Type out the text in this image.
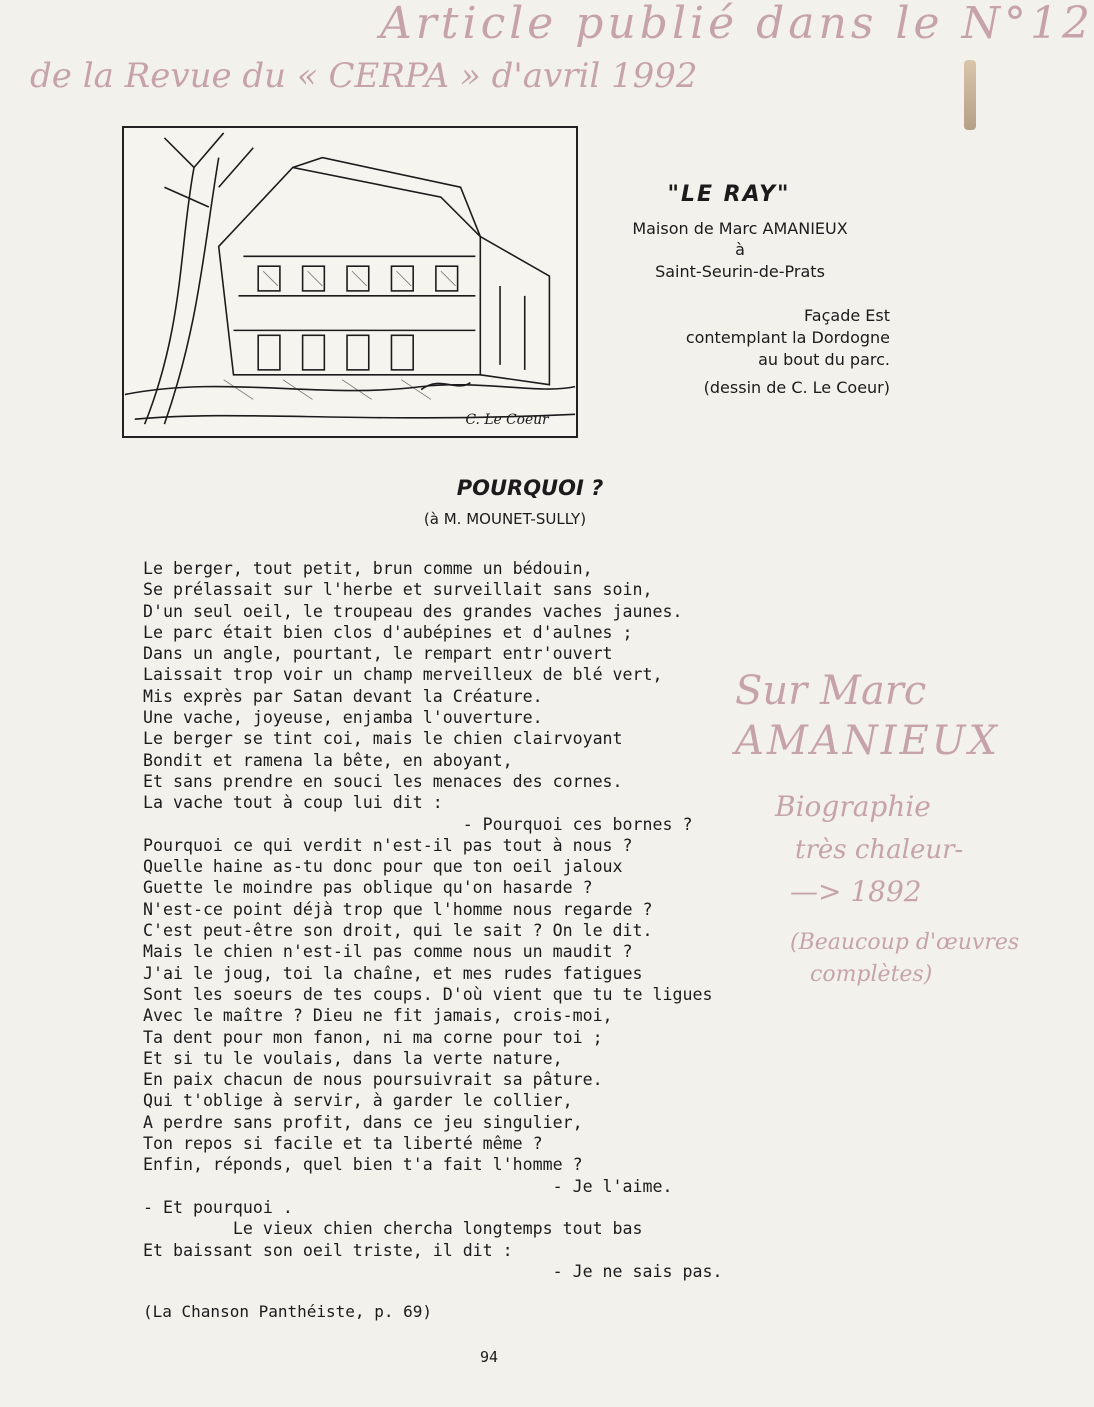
Article publié dans le N°12
de la Revue du « CERPA » d'avril 1992
Sur Marc
AMANIEUX
Biographie
très chaleur-
—> 1892
(Beaucoup d'œuvres
complètes)
C. Le Coeur
"LE RAY"
Maison de Marc AMANIEUX
à
Saint-Seurin-de-Prats
Façade Est
contemplant la Dordogne
au bout du parc.
(dessin de C. Le Coeur)
POURQUOI ?
(à M. MOUNET-SULLY)
Le berger, tout petit, brun comme un bédouin,
Se prélassait sur l'herbe et surveillait sans soin,
D'un seul oeil, le troupeau des grandes vaches jaunes.
Le parc était bien clos d'aubépines et d'aulnes ;
Dans un angle, pourtant, le rempart entr'ouvert
Laissait trop voir un champ merveilleux de blé vert,
Mis exprès par Satan devant la Créature.
Une vache, joyeuse, enjamba l'ouverture.
Le berger se tint coi, mais le chien clairvoyant
Bondit et ramena la bête, en aboyant,
Et sans prendre en souci les menaces des cornes.
La vache tout à coup lui dit :
- Pourquoi ces bornes ?
Pourquoi ce qui verdit n'est-il pas tout à nous ?
Quelle haine as-tu donc pour que ton oeil jaloux
Guette le moindre pas oblique qu'on hasarde ?
N'est-ce point déjà trop que l'homme nous regarde ?
C'est peut-être son droit, qui le sait ? On le dit.
Mais le chien n'est-il pas comme nous un maudit ?
J'ai le joug, toi la chaîne, et mes rudes fatigues
Sont les soeurs de tes coups. D'où vient que tu te ligues
Avec le maître ? Dieu ne fit jamais, crois-moi,
Ta dent pour mon fanon, ni ma corne pour toi ;
Et si tu le voulais, dans la verte nature,
En paix chacun de nous poursuivrait sa pâture.
Qui t'oblige à servir, à garder le collier,
A perdre sans profit, dans ce jeu singulier,
Ton repos si facile et ta liberté même ?
Enfin, réponds, quel bien t'a fait l'homme ?
- Je l'aime.
- Et pourquoi .
Le vieux chien chercha longtemps tout bas
Et baissant son oeil triste, il dit :
- Je ne sais pas.
(La Chanson Panthéiste, p. 69)
94
